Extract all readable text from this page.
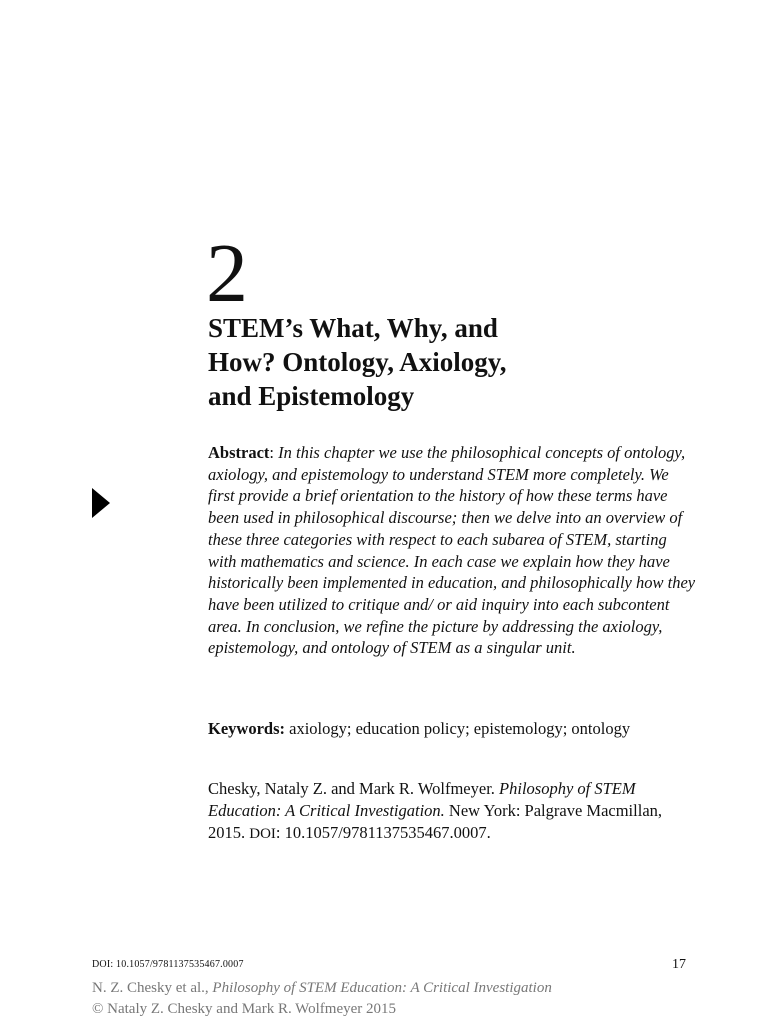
2
STEM’s What, Why, and
How? Ontology, Axiology,
and Epistemology

Abstract: In this chapter we use the philosophical concepts of ontology, axiology, and epistemology to understand STEM more completely. We first provide a brief orientation to the history of how these terms have been used in philosophical discourse; then we delve into an overview of these three categories with respect to each subarea of STEM, starting with mathematics and science. In each case we explain how they have historically been implemented in education, and philosophically how they have been utilized to critique and/ or aid inquiry into each subcontent area. In conclusion, we refine the picture by addressing the axiology, epistemology, and ontology of STEM as a singular unit.

Keywords: axiology; education policy; epistemology; ontology

Chesky, Nataly Z. and Mark R. Wolfmeyer. Philosophy of STEM Education: A Critical Investigation. New York: Palgrave Macmillan, 2015. DOI: 10.1057/9781137535467.0007.

DOI: 10.1057/9781137535467.0007	17
N. Z. Chesky et al., Philosophy of STEM Education: A Critical Investigation
© Nataly Z. Chesky and Mark R. Wolfmeyer 2015
